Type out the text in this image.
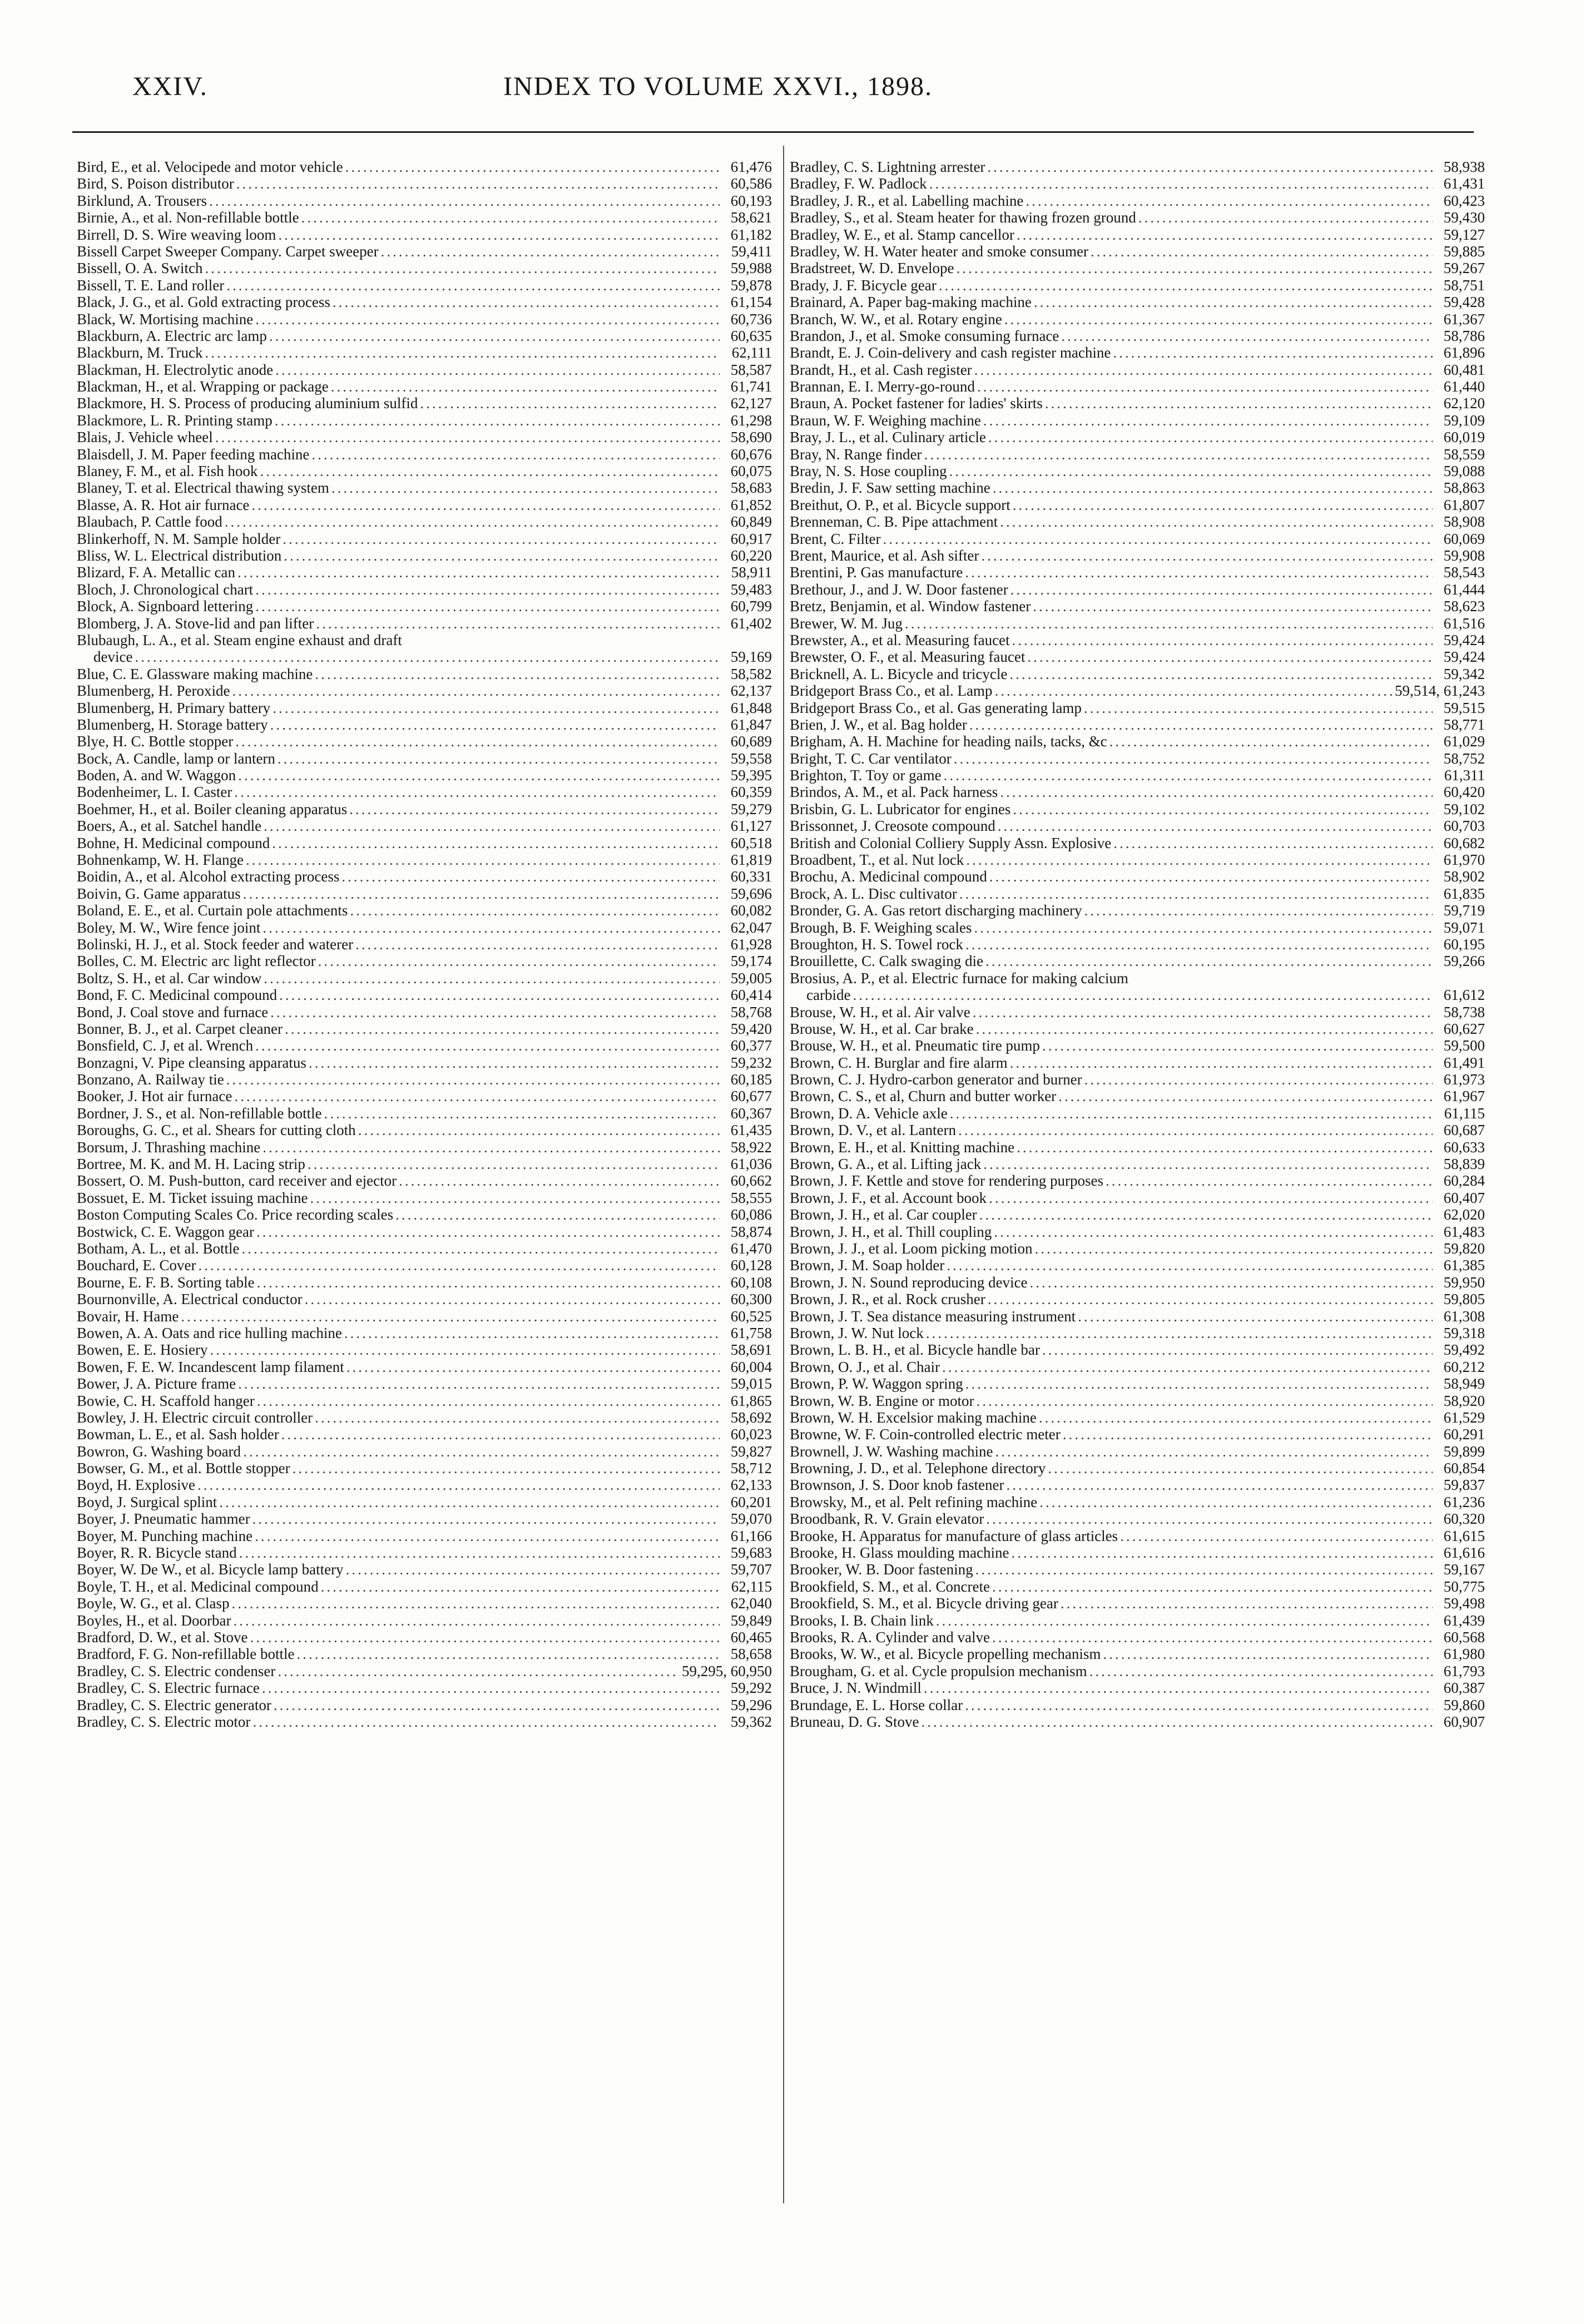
XXIV.	INDEX TO VOLUME XXVI., 1898.
Bird, E., et al. Velocipede and motor vehicle .....	61,476
Bird, S. Poison distributor .....	60,586
Birklund, A. Trousers .....	60,193
Birnie, A., et al. Non-refillable bottle .....	58,621
Birrell, D. S. Wire weaving loom .....	61,182
Bissell Carpet Sweeper Company. Carpet sweeper .....	59,411
Bissell, O. A. Switch .....	59,988
Bissell, T. E. Land roller .....	59,878
Black, J. G., et al. Gold extracting process .....	61,154
Black, W. Mortising machine .....	60,736
Blackburn, A. Electric arc lamp .....	60,635
Blackburn, M. Truck .....	62,111
Blackman, H. Electrolytic anode .....	58,587
Blackman, H., et al. Wrapping or package .....	61,741
Blackmore, H. S. Process of producing aluminium sulfid .....	62,127
Blackmore, L. R. Printing stamp .....	61,298
Blais, J. Vehicle wheel .....	58,690
Blaisdell, J. M. Paper feeding machine .....	60,676
Blaney, F. M., et al. Fish hook .....	60,075
Blaney, T. et al. Electrical thawing system .....	58,683
Blasse, A. R. Hot air furnace .....	61,852
Blaubach, P. Cattle food .....	60,849
Blinkerhoff, N. M. Sample holder .....	60,917
Bliss, W. L. Electrical distribution .....	60,220
Blizard, F. A. Metallic can .....	58,911
Bloch, J. Chronological chart .....	59,483
Block, A. Signboard lettering .....	60,799
Blomberg, J. A. Stove-lid and pan lifter .....	61,402
Blubaugh, L. A., et al. Steam engine exhaust and draft
device .....	59,169
Blue, C. E. Glassware making machine .....	58,582
Blumenberg, H. Peroxide .....	62,137
Blumenberg, H. Primary battery .....	61,848
Blumenberg, H. Storage battery .....	61,847
Blye, H. C. Bottle stopper .....	60,689
Bock, A. Candle, lamp or lantern .....	59,558
Boden, A. and W. Waggon .....	59,395
Bodenheimer, L. I. Caster .....	60,359
Boehmer, H., et al. Boiler cleaning apparatus .....	59,279
Boers, A., et al. Satchel handle .....	61,127
Bohne, H. Medicinal compound .....	60,518
Bohnenkamp, W. H. Flange .....	61,819
Boidin, A., et al. Alcohol extracting process .....	60,331
Boivin, G. Game apparatus .....	59,696
Boland, E. E., et al. Curtain pole attachments .....	60,082
Boley, M. W., Wire fence joint .....	62,047
Bolinski, H. J., et al. Stock feeder and waterer .....	61,928
Bolles, C. M. Electric arc light reflector .....	59,174
Boltz, S. H., et al. Car window .....	59,005
Bond, F. C. Medicinal compound .....	60,414
Bond, J. Coal stove and furnace .....	58,768
Bonner, B. J., et al. Carpet cleaner .....	59,420
Bonsfield, C. J, et al. Wrench .....	60,377
Bonzagni, V. Pipe cleansing apparatus .....	59,232
Bonzano, A. Railway tie .....	60,185
Booker, J. Hot air furnace .....	60,677
Bordner, J. S., et al. Non-refillable bottle .....	60,367
Boroughs, G. C., et al. Shears for cutting cloth .....	61,435
Borsum, J. Thrashing machine .....	58,922
Bortree, M. K. and M. H. Lacing strip .....	61,036
Bossert, O. M. Push-button, card receiver and ejector .....	60,662
Bossuet, E. M. Ticket issuing machine .....	58,555
Boston Computing Scales Co. Price recording scales .....	60,086
Bostwick, C. E. Waggon gear .....	58,874
Botham, A. L., et al. Bottle .....	61,470
Bouchard, E. Cover .....	60,128
Bourne, E. F. B. Sorting table .....	60,108
Bournonville, A. Electrical conductor .....	60,300
Bovair, H. Hame .....	60,525
Bowen, A. A. Oats and rice hulling machine .....	61,758
Bowen, E. E. Hosiery .....	58,691
Bowen, F. E. W. Incandescent lamp filament .....	60,004
Bower, J. A. Picture frame .....	59,015
Bowie, C. H. Scaffold hanger .....	61,865
Bowley, J. H. Electric circuit controller .....	58,692
Bowman, L. E., et al. Sash holder .....	60,023
Bowron, G. Washing board .....	59,827
Bowser, G. M., et al. Bottle stopper .....	58,712
Boyd, H. Explosive .....	62,133
Boyd, J. Surgical splint .....	60,201
Boyer, J. Pneumatic hammer .....	59,070
Boyer, M. Punching machine .....	61,166
Boyer, R. R. Bicycle stand .....	59,683
Boyer, W. De W., et al. Bicycle lamp battery .....	59,707
Boyle, T. H., et al. Medicinal compound .....	62,115
Boyle, W. G., et al. Clasp .....	62,040
Boyles, H., et al. Doorbar .....	59,849
Bradford, D. W., et al. Stove .....	60,465
Bradford, F. G. Non-refillable bottle .....	58,658
Bradley, C. S. Electric condenser .....	59,295, 60,950
Bradley, C. S. Electric furnace .....	59,292
Bradley, C. S. Electric generator .....	59,296
Bradley, C. S. Electric motor .....	59,362
Bradley, C. S. Lightning arrester .....	58,938
Bradley, F. W. Padlock .....	61,431
Bradley, J. R., et al. Labelling machine .....	60,423
Bradley, S., et al. Steam heater for thawing frozen ground .....	59,430
Bradley, W. E., et al. Stamp cancellor .....	59,127
Bradley, W. H. Water heater and smoke consumer .....	59,885
Bradstreet, W. D. Envelope .....	59,267
Brady, J. F. Bicycle gear .....	58,751
Brainard, A. Paper bag-making machine .....	59,428
Branch, W. W., et al. Rotary engine .....	61,367
Brandon, J., et al. Smoke consuming furnace .....	58,786
Brandt, E. J. Coin-delivery and cash register machine .....	61,896
Brandt, H., et al. Cash register .....	60,481
Brannan, E. I. Merry-go-round .....	61,440
Braun, A. Pocket fastener for ladies' skirts .....	62,120
Braun, W. F. Weighing machine .....	59,109
Bray, J. L., et al. Culinary article .....	60,019
Bray, N. Range finder .....	58,559
Bray, N. S. Hose coupling .....	59,088
Bredin, J. F. Saw setting machine .....	58,863
Breithut, O. P., et al. Bicycle support .....	61,807
Brenneman, C. B. Pipe attachment .....	58,908
Brent, C. Filter .....	60,069
Brent, Maurice, et al. Ash sifter .....	59,908
Brentini, P. Gas manufacture .....	58,543
Brethour, J., and J. W. Door fastener .....	61,444
Bretz, Benjamin, et al. Window fastener .....	58,623
Brewer, W. M. Jug .....	61,516
Brewster, A., et al. Measuring faucet .....	59,424
Brewster, O. F., et al. Measuring faucet .....	59,424
Bricknell, A. L. Bicycle and tricycle .....	59,342
Bridgeport Brass Co., et al. Lamp .....	59,514, 61,243
Bridgeport Brass Co., et al. Gas generating lamp .....	59,515
Brien, J. W., et al. Bag holder .....	58,771
Brigham, A. H. Machine for heading nails, tacks, &c .....	61,029
Bright, T. C. Car ventilator .....	58,752
Brighton, T. Toy or game .....	61,311
Brindos, A. M., et al. Pack harness .....	60,420
Brisbin, G. L. Lubricator for engines .....	59,102
Brissonnet, J. Creosote compound .....	60,703
British and Colonial Colliery Supply Assn. Explosive .....	60,682
Broadbent, T., et al. Nut lock .....	61,970
Brochu, A. Medicinal compound .....	58,902
Brock, A. L. Disc cultivator .....	61,835
Bronder, G. A. Gas retort discharging machinery .....	59,719
Brough, B. F. Weighing scales .....	59,071
Broughton, H. S. Towel rock .....	60,195
Brouillette, C. Calk swaging die .....	59,266
Brosius, A. P., et al. Electric furnace for making calcium
carbide .....	61,612
Brouse, W. H., et al. Air valve .....	58,738
Brouse, W. H., et al. Car brake .....	60,627
Brouse, W. H., et al. Pneumatic tire pump .....	59,500
Brown, C. H. Burglar and fire alarm .....	61,491
Brown, C. J. Hydro-carbon generator and burner .....	61,973
Brown, C. S., et al, Churn and butter worker .....	61,967
Brown, D. A. Vehicle axle .....	61,115
Brown, D. V., et al. Lantern .....	60,687
Brown, E. H., et al. Knitting machine .....	60,633
Brown, G. A., et al. Lifting jack .....	58,839
Brown, J. F. Kettle and stove for rendering purposes .....	60,284
Brown, J. F., et al. Account book .....	60,407
Brown, J. H., et al. Car coupler .....	62,020
Brown, J. H., et al. Thill coupling .....	61,483
Brown, J. J., et al. Loom picking motion .....	59,820
Brown, J. M. Soap holder .....	61,385
Brown, J. N. Sound reproducing device .....	59,950
Brown, J. R., et al. Rock crusher .....	59,805
Brown, J. T. Sea distance measuring instrument .....	61,308
Brown, J. W. Nut lock .....	59,318
Brown, L. B. H., et al. Bicycle handle bar .....	59,492
Brown, O. J., et al. Chair .....	60,212
Brown, P. W. Waggon spring .....	58,949
Brown, W. B. Engine or motor .....	58,920
Brown, W. H. Excelsior making machine .....	61,529
Browne, W. F. Coin-controlled electric meter .....	60,291
Brownell, J. W. Washing machine .....	59,899
Browning, J. D., et al. Telephone directory .....	60,854
Brownson, J. S. Door knob fastener .....	59,837
Browsky, M., et al. Pelt refining machine .....	61,236
Broodbank, R. V. Grain elevator .....	60,320
Brooke, H. Apparatus for manufacture of glass articles .....	61,615
Brooke, H. Glass moulding machine .....	61,616
Brooker, W. B. Door fastening .....	59,167
Brookfield, S. M., et al. Concrete .....	50,775
Brookfield, S. M., et al. Bicycle driving gear .....	59,498
Brooks, I. B. Chain link .....	61,439
Brooks, R. A. Cylinder and valve .....	60,568
Brooks, W. W., et al. Bicycle propelling mechanism .....	61,980
Brougham, G. et al. Cycle propulsion mechanism .....	61,793
Bruce, J. N. Windmill .....	60,387
Brundage, E. L. Horse collar .....	59,860
Bruneau, D. G. Stove .....	60,907
